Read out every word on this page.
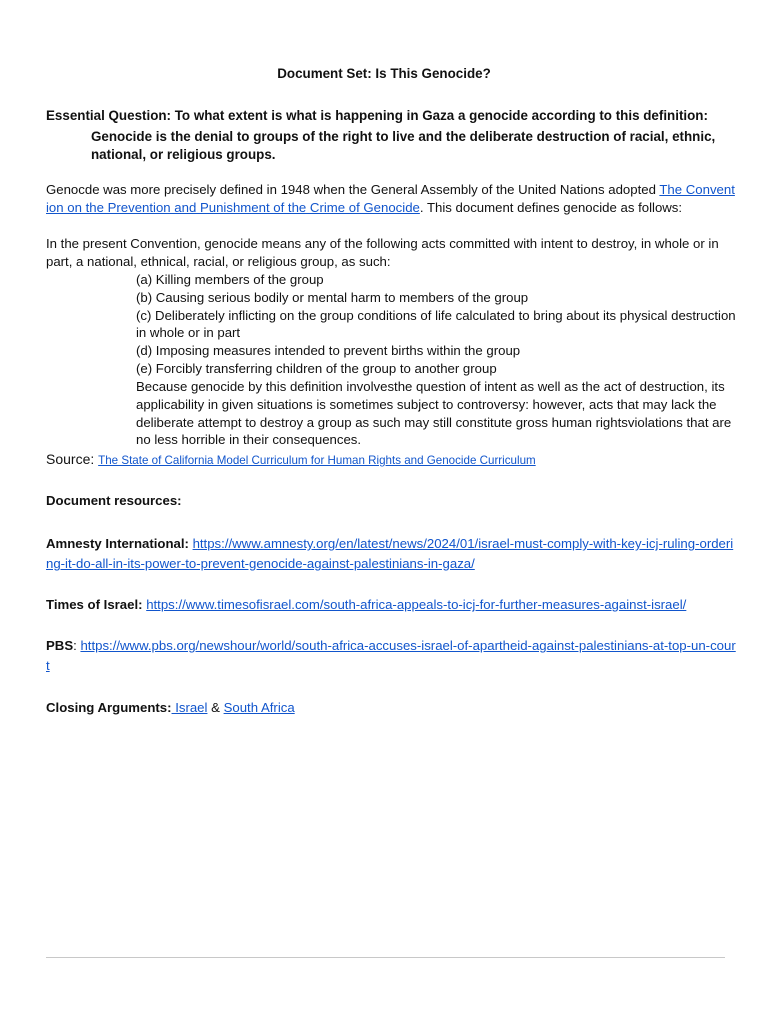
Document Set: Is This Genocide?
Essential Question: To what extent is what is happening in Gaza a genocide according to this definition:
Genocide is the denial to groups of the right to live and the deliberate destruction of racial, ethnic, national, or religious groups.
Genocde was more precisely defined in 1948 when the General Assembly of the United Nations adopted The Convention on the Prevention and Punishment of the Crime of Genocide. This document defines genocide as follows:
In the present Convention, genocide means any of the following acts committed with intent to destroy, in whole or in part, a national, ethnical, racial, or religious group, as such:
(a) Killing members of the group
(b) Causing serious bodily or mental harm to members of the group
(c) Deliberately inflicting on the group conditions of life calculated to bring about its physical destruction in whole or in part
(d) Imposing measures intended to prevent births within the group
(e) Forcibly transferring children of the group to another group
Because genocide by this definition involvesthe question of intent as well as the act of destruction, its applicability in given situations is sometimes subject to controversy: however, acts that may lack the deliberate attempt to destroy a group as such may still constitute gross human rightsviolations that are no less horrible in their consequences.
Source: The State of California Model Curriculum for Human Rights and Genocide Curriculum
Document resources:
Amnesty International: https://www.amnesty.org/en/latest/news/2024/01/israel-must-comply-with-key-icj-ruling-ordering-it-do-all-in-its-power-to-prevent-genocide-against-palestinians-in-gaza/
Times of Israel: https://www.timesofisrael.com/south-africa-appeals-to-icj-for-further-measures-against-israel/
PBS: https://www.pbs.org/newshour/world/south-africa-accuses-israel-of-apartheid-against-palestinians-at-top-un-court
Closing Arguments: Israel & South Africa
